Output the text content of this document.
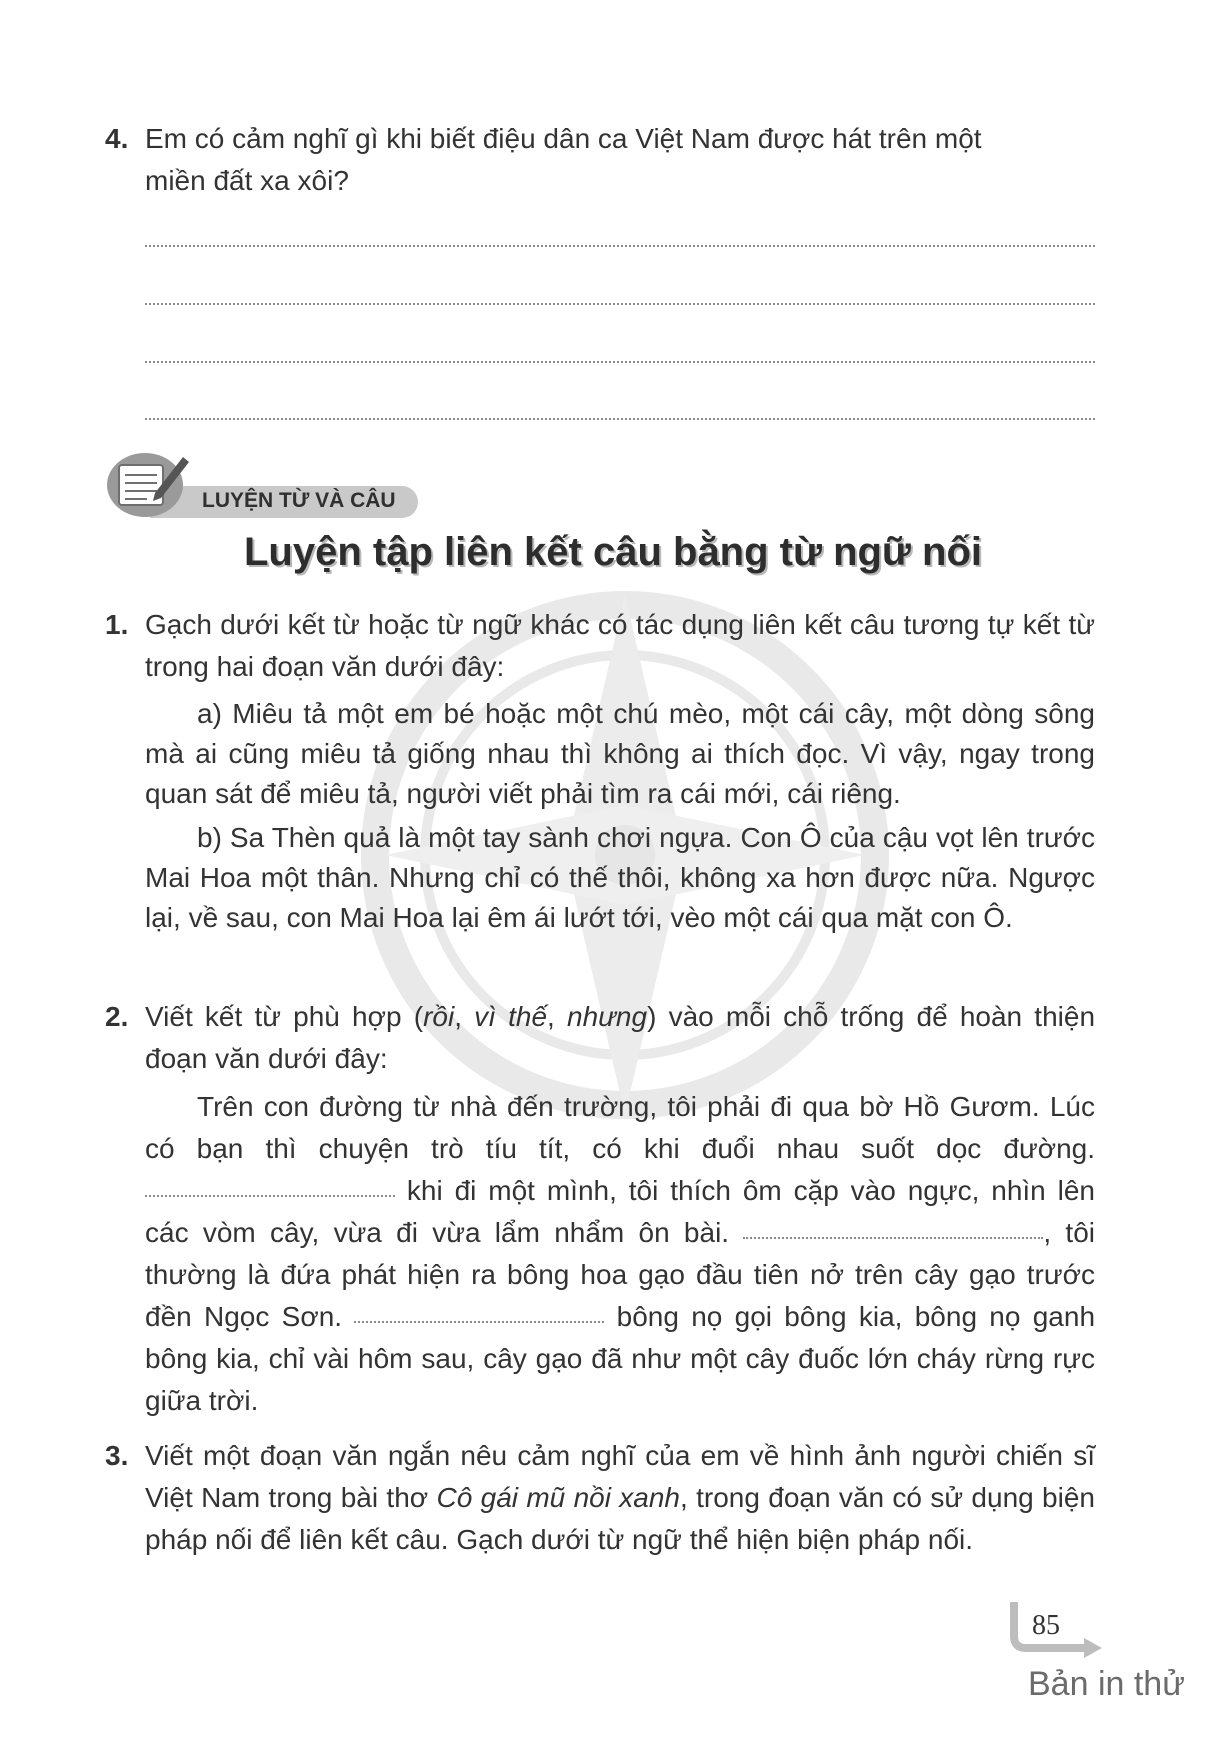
4. Em có cảm nghĩ gì khi biết điệu dân ca Việt Nam được hát trên một
miền đất xa xôi?
LUYỆN TỪ VÀ CÂU
Luyện tập liên kết câu bằng từ ngữ nối
1. Gạch dưới kết từ hoặc từ ngữ khác có tác dụng liên kết câu tương tự kết từ trong hai đoạn văn dưới đây:
a) Miêu tả một em bé hoặc một chú mèo, một cái cây, một dòng sông mà ai cũng miêu tả giống nhau thì không ai thích đọc. Vì vậy, ngay trong quan sát để miêu tả, người viết phải tìm ra cái mới, cái riêng.
b) Sa Thèn quả là một tay sành chơi ngựa. Con Ô của cậu vọt lên trước Mai Hoa một thân. Nhưng chỉ có thế thôi, không xa hơn được nữa. Ngược lại, về sau, con Mai Hoa lại êm ái lướt tới, vèo một cái qua mặt con Ô.
2. Viết kết từ phù hợp (rồi, vì thế, nhưng) vào mỗi chỗ trống để hoàn thiện đoạn văn dưới đây:
Trên con đường từ nhà đến trường, tôi phải đi qua bờ Hồ Gươm. Lúc có bạn thì chuyện trò tíu tít, có khi đuổi nhau suốt dọc đường.  khi đi một mình, tôi thích ôm cặp vào ngực, nhìn lên các vòm cây, vừa đi vừa lẩm nhẩm ôn bài.	, tôi thường là đứa phát hiện ra bông hoa gạo đầu tiên nở trên cây gạo trước đền Ngọc Sơn.	bông nọ gọi bông kia, bông nọ ganh bông kia, chỉ vài hôm sau, cây gạo đã như một cây đuốc lớn cháy rừng rực giữa trời.
3. Viết một đoạn văn ngắn nêu cảm nghĩ của em về hình ảnh người chiến sĩ Việt Nam trong bài thơ Cô gái mũ nồi xanh, trong đoạn văn có sử dụng biện pháp nối để liên kết câu. Gạch dưới từ ngữ thể hiện biện pháp nối.
85
Bản in thử
